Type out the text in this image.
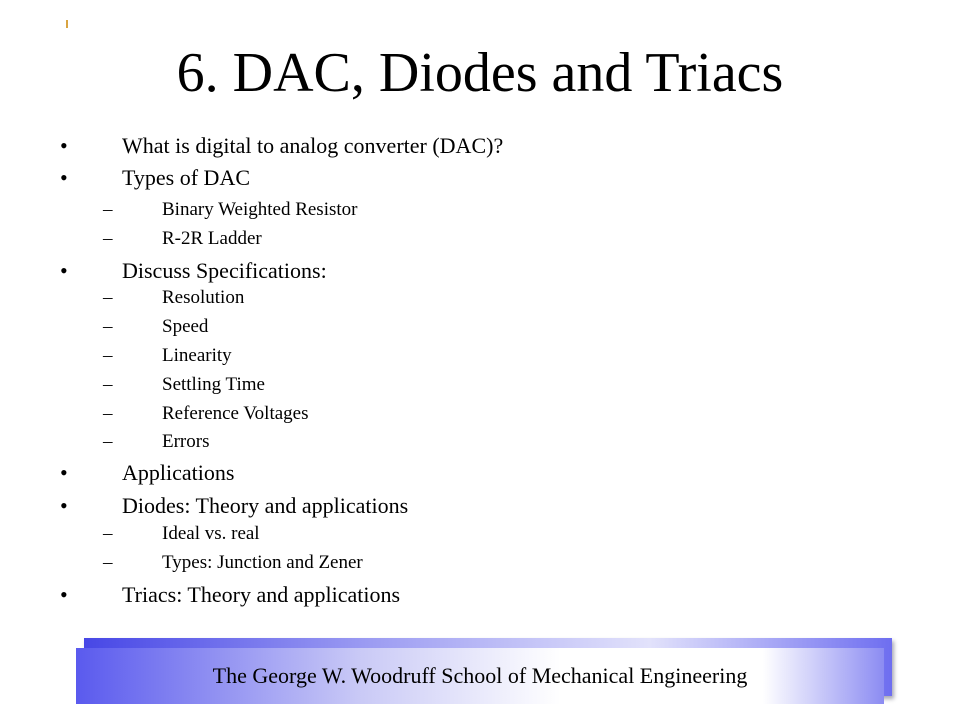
6. DAC, Diodes and Triacs
• What is digital to analog converter (DAC)?
• Types of DAC
–	Binary Weighted Resistor
–	R-2R Ladder
• Discuss Specifications:
–	Resolution
–	Speed
–	Linearity
–	Settling Time
–	Reference Voltages
–	Errors
• Applications
• Diodes: Theory and applications
–	Ideal vs. real
–	Types: Junction and Zener
• Triacs: Theory and applications
The George W. Woodruff School of Mechanical Engineering
